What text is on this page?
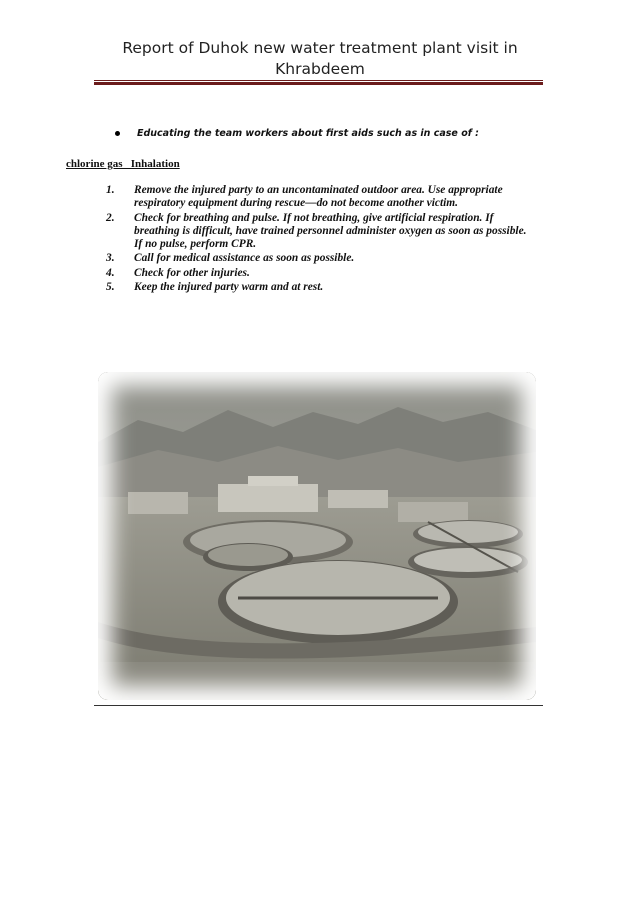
Report of Duhok new water treatment plant visit in
Khrabdeem
Educating the team workers about first aids such as in case of :
chlorine gas   Inhalation
1. Remove the injured party to an uncontaminated outdoor area. Use appropriate respiratory equipment during rescue—do not become another victim.
2. Check for breathing and pulse. If not breathing, give artificial respiration. If breathing is difficult, have trained personnel administer oxygen as soon as possible. If no pulse, perform CPR.
3. Call for medical assistance as soon as possible.
4. Check for other injuries.
5. Keep the injured party warm and at rest.
